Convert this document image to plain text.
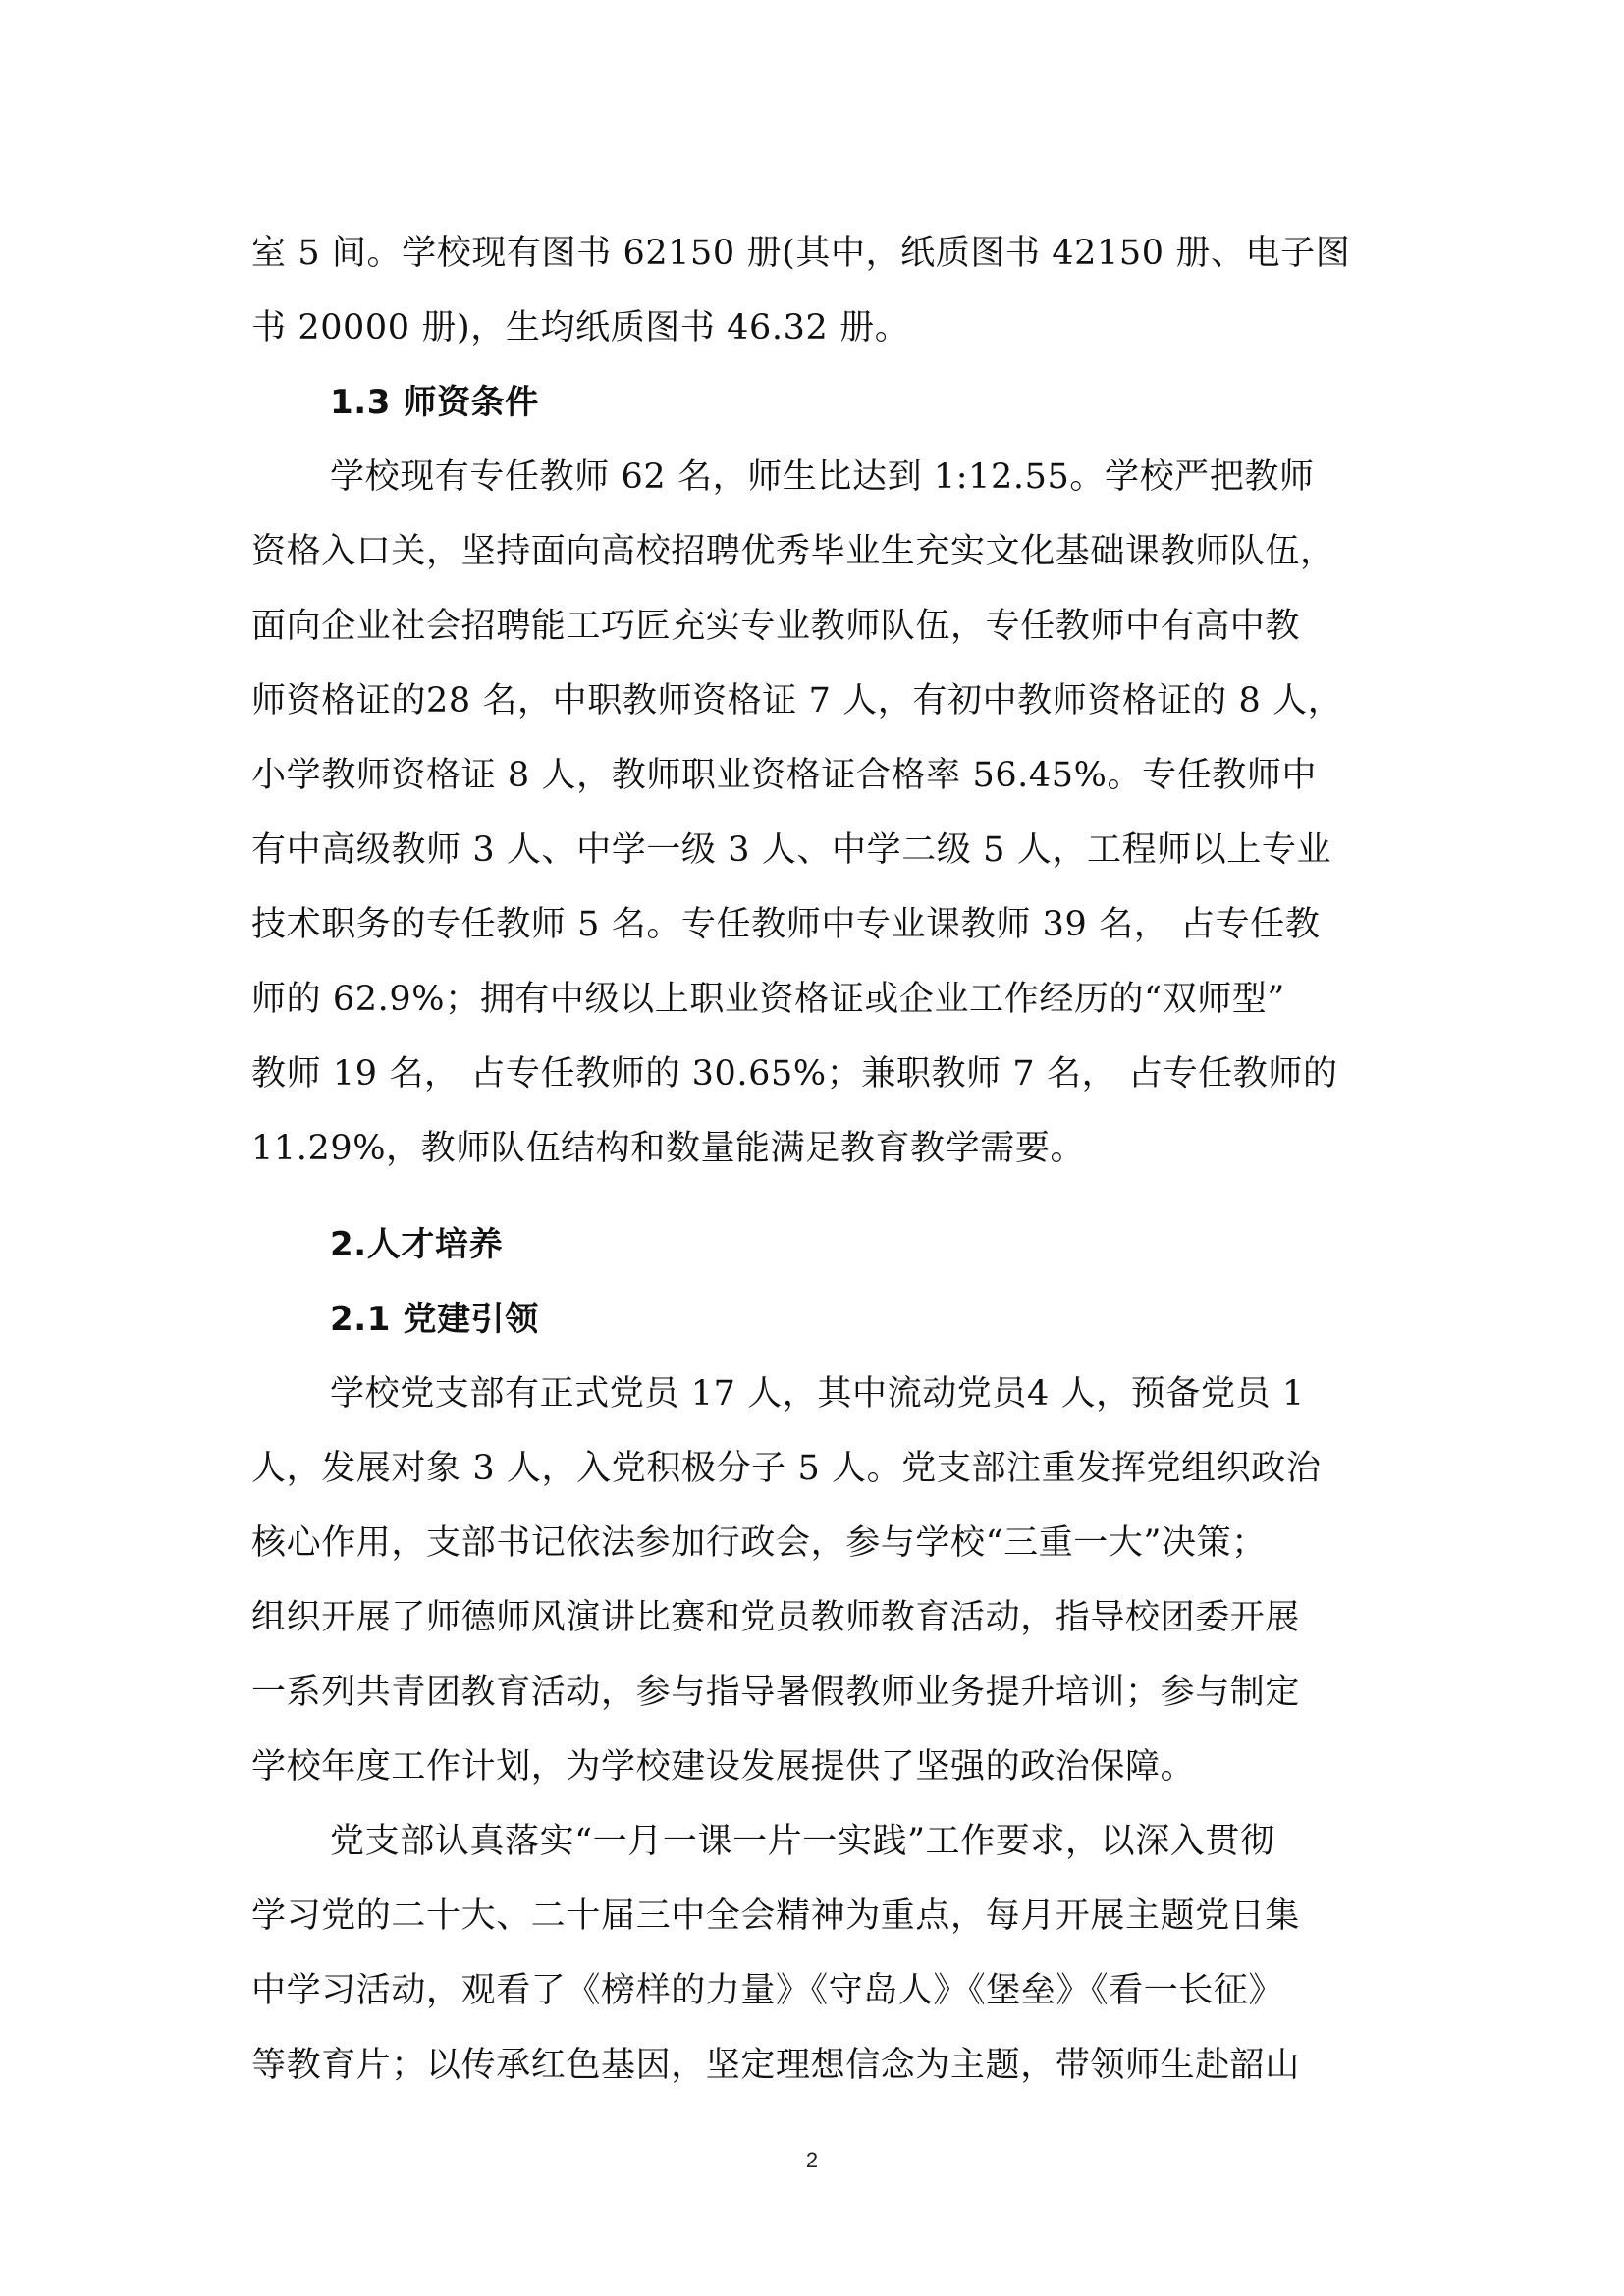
室 5 间。学校现有图书 62150 册(其中，纸质图书 42150 册、电子图
书 20000 册)，生均纸质图书 46.32 册。
1.3 师资条件
学校现有专任教师 62 名，师生比达到 1:12.55。学校严把教师
资格入口关，坚持面向高校招聘优秀毕业生充实文化基础课教师队伍，
面向企业社会招聘能工巧匠充实专业教师队伍，专任教师中有高中教
师资格证的28 名，中职教师资格证 7 人，有初中教师资格证的 8 人，
小学教师资格证 8 人，教师职业资格证合格率 56.45%。专任教师中
有中高级教师 3 人、中学一级 3 人、中学二级 5 人，工程师以上专业
技术职务的专任教师 5 名。专任教师中专业课教师 39 名， 占专任教
师的 62.9%；拥有中级以上职业资格证或企业工作经历的“双师型”
教师 19 名， 占专任教师的 30.65%；兼职教师 7 名， 占专任教师的
11.29%，教师队伍结构和数量能满足教育教学需要。
2.人才培养
2.1 党建引领
学校党支部有正式党员 17 人，其中流动党员4 人，预备党员 1
人，发展对象 3 人，入党积极分子 5 人。党支部注重发挥党组织政治
核心作用，支部书记依法参加行政会，参与学校“三重一大”决策；
组织开展了师德师风演讲比赛和党员教师教育活动，指导校团委开展
一系列共青团教育活动，参与指导暑假教师业务提升培训；参与制定
学校年度工作计划，为学校建设发展提供了坚强的政治保障。
党支部认真落实“一月一课一片一实践”工作要求，以深入贯彻
学习党的二十大、二十届三中全会精神为重点，每月开展主题党日集
中学习活动，观看了《榜样的力量》《守岛人》《堡垒》《看一长征》
等教育片；以传承红色基因，坚定理想信念为主题，带领师生赴韶山
2
